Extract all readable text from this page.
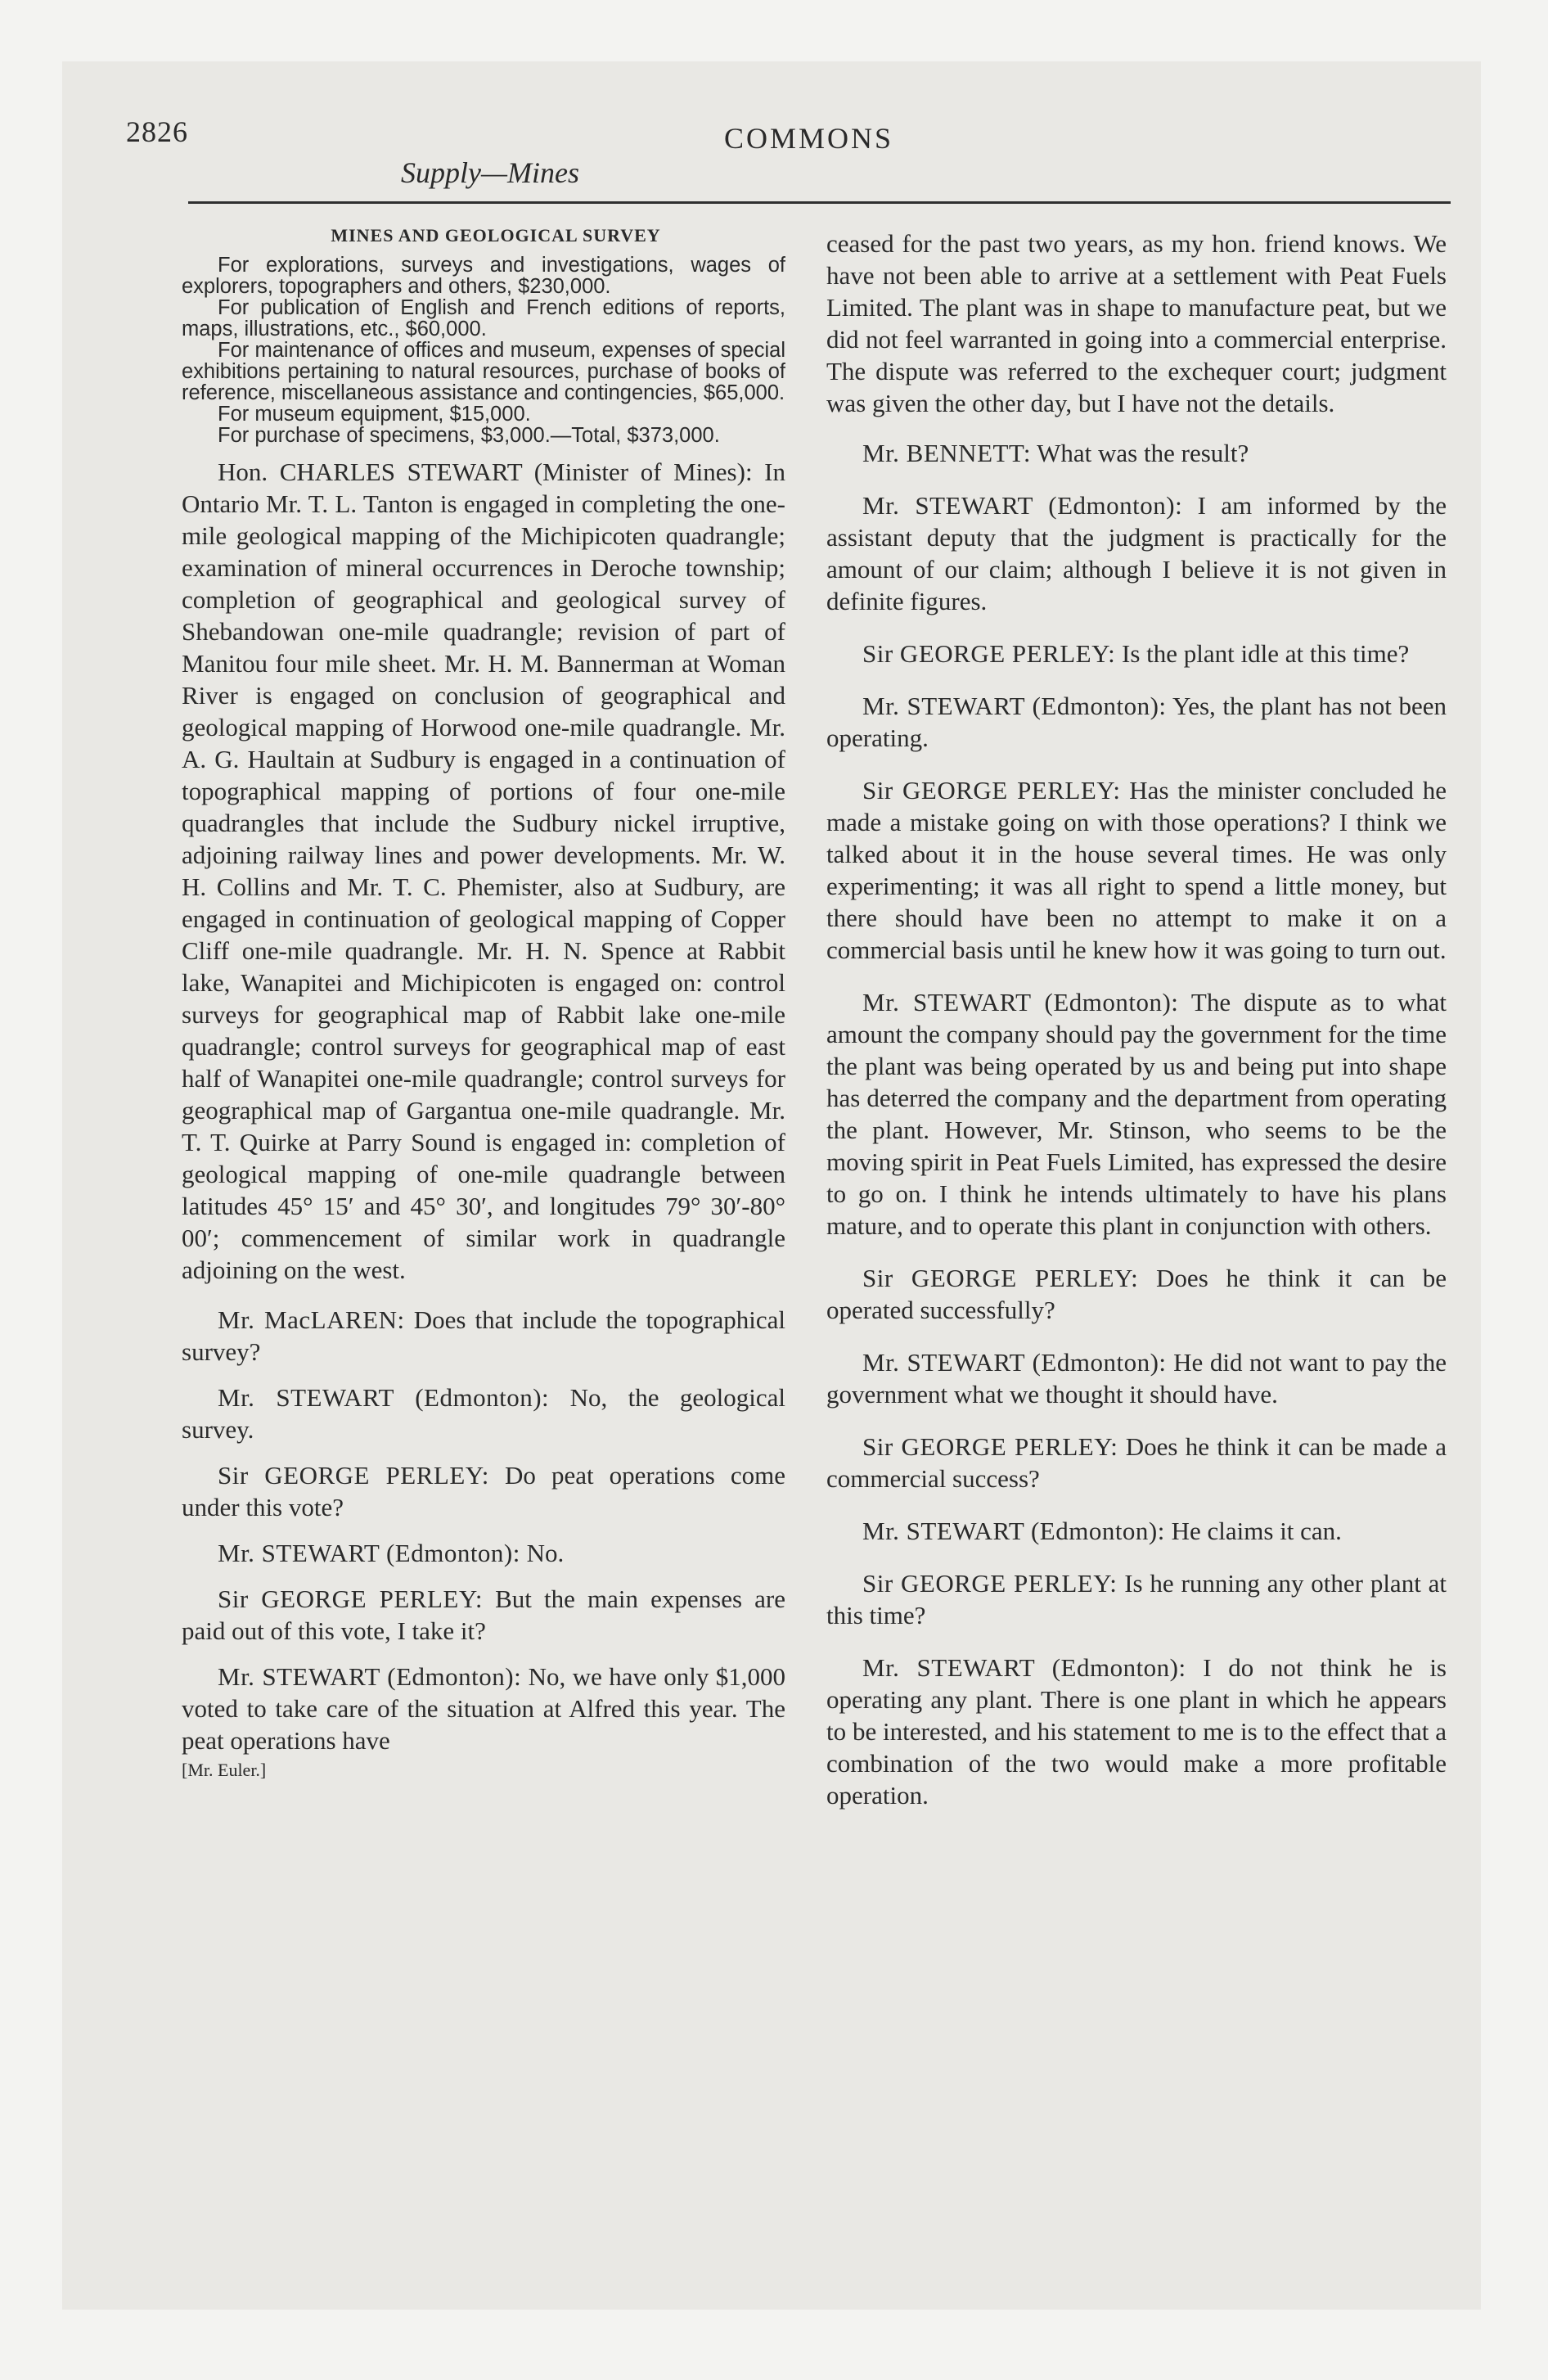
2826	COMMONS
Supply—Mines
MINES AND GEOLOGICAL SURVEY

For explorations, surveys and investigations, wages of explorers, topographers and others, $230,000.

For publication of English and French editions of reports, maps, illustrations, etc., $60,000.

For maintenance of offices and museum, expenses of special exhibitions pertaining to natural resources, purchase of books of reference, miscellaneous assistance and contingencies, $65,000.

For museum equipment, $15,000.

For purchase of specimens, $3,000.—Total, $373,000.

Hon. CHARLES STEWART (Minister of Mines): In Ontario Mr. T. L. Tanton is engaged in completing the one-mile geological mapping of the Michipicoten quadrangle; examination of mineral occurrences in Deroche township; completion of geographical and geological survey of Shebandowan one-mile quadrangle; revision of part of Manitou four mile sheet. Mr. H. M. Bannerman at Woman River is engaged on conclusion of geographical and geological mapping of Horwood one-mile quadrangle. Mr. A. G. Haultain at Sudbury is engaged in a continuation of topographical mapping of portions of four one-mile quadrangles that include the Sudbury nickel irruptive, adjoining railway lines and power developments. Mr. W. H. Collins and Mr. T. C. Phemister, also at Sudbury, are engaged in continuation of geological mapping of Copper Cliff one-mile quadrangle. Mr. H. N. Spence at Rabbit lake, Wanapitei and Michipicoten is engaged on: control surveys for geographical map of Rabbit lake one-mile quadrangle; control surveys for geographical map of east half of Wanapitei one-mile quadrangle; control surveys for geographical map of Gargantua one-mile quadrangle. Mr. T. T. Quirke at Parry Sound is engaged in: completion of geological mapping of one-mile quadrangle between latitudes 45° 15′ and 45° 30′, and longitudes 79° 30′-80° 00′; commencement of similar work in quadrangle adjoining on the west.

Mr. MacLAREN: Does that include the topographical survey?

Mr. STEWART (Edmonton): No, the geological survey.

Sir GEORGE PERLEY: Do peat operations come under this vote?

Mr. STEWART (Edmonton): No.

Sir GEORGE PERLEY: But the main expenses are paid out of this vote, I take it?

Mr. STEWART (Edmonton): No, we have only $1,000 voted to take care of the situation at Alfred this year. The peat operations have

[Mr. Euler.]

ceased for the past two years, as my hon. friend knows. We have not been able to arrive at a settlement with Peat Fuels Limited. The plant was in shape to manufacture peat, but we did not feel warranted in going into a commercial enterprise. The dispute was referred to the exchequer court; judgment was given the other day, but I have not the details.

Mr. BENNETT: What was the result?

Mr. STEWART (Edmonton): I am informed by the assistant deputy that the judgment is practically for the amount of our claim; although I believe it is not given in definite figures.

Sir GEORGE PERLEY: Is the plant idle at this time?

Mr. STEWART (Edmonton): Yes, the plant has not been operating.

Sir GEORGE PERLEY: Has the minister concluded he made a mistake going on with those operations? I think we talked about it in the house several times. He was only experimenting; it was all right to spend a little money, but there should have been no attempt to make it on a commercial basis until he knew how it was going to turn out.

Mr. STEWART (Edmonton): The dispute as to what amount the company should pay the government for the time the plant was being operated by us and being put into shape has deterred the company and the department from operating the plant. However, Mr. Stinson, who seems to be the moving spirit in Peat Fuels Limited, has expressed the desire to go on. I think he intends ultimately to have his plans mature, and to operate this plant in conjunction with others.

Sir GEORGE PERLEY: Does he think it can be operated successfully?

Mr. STEWART (Edmonton): He did not want to pay the government what we thought it should have.

Sir GEORGE PERLEY: Does he think it can be made a commercial success?

Mr. STEWART (Edmonton): He claims it can.

Sir GEORGE PERLEY: Is he running any other plant at this time?

Mr. STEWART (Edmonton): I do not think he is operating any plant. There is one plant in which he appears to be interested, and his statement to me is to the effect that a combination of the two would make a more profitable operation.
